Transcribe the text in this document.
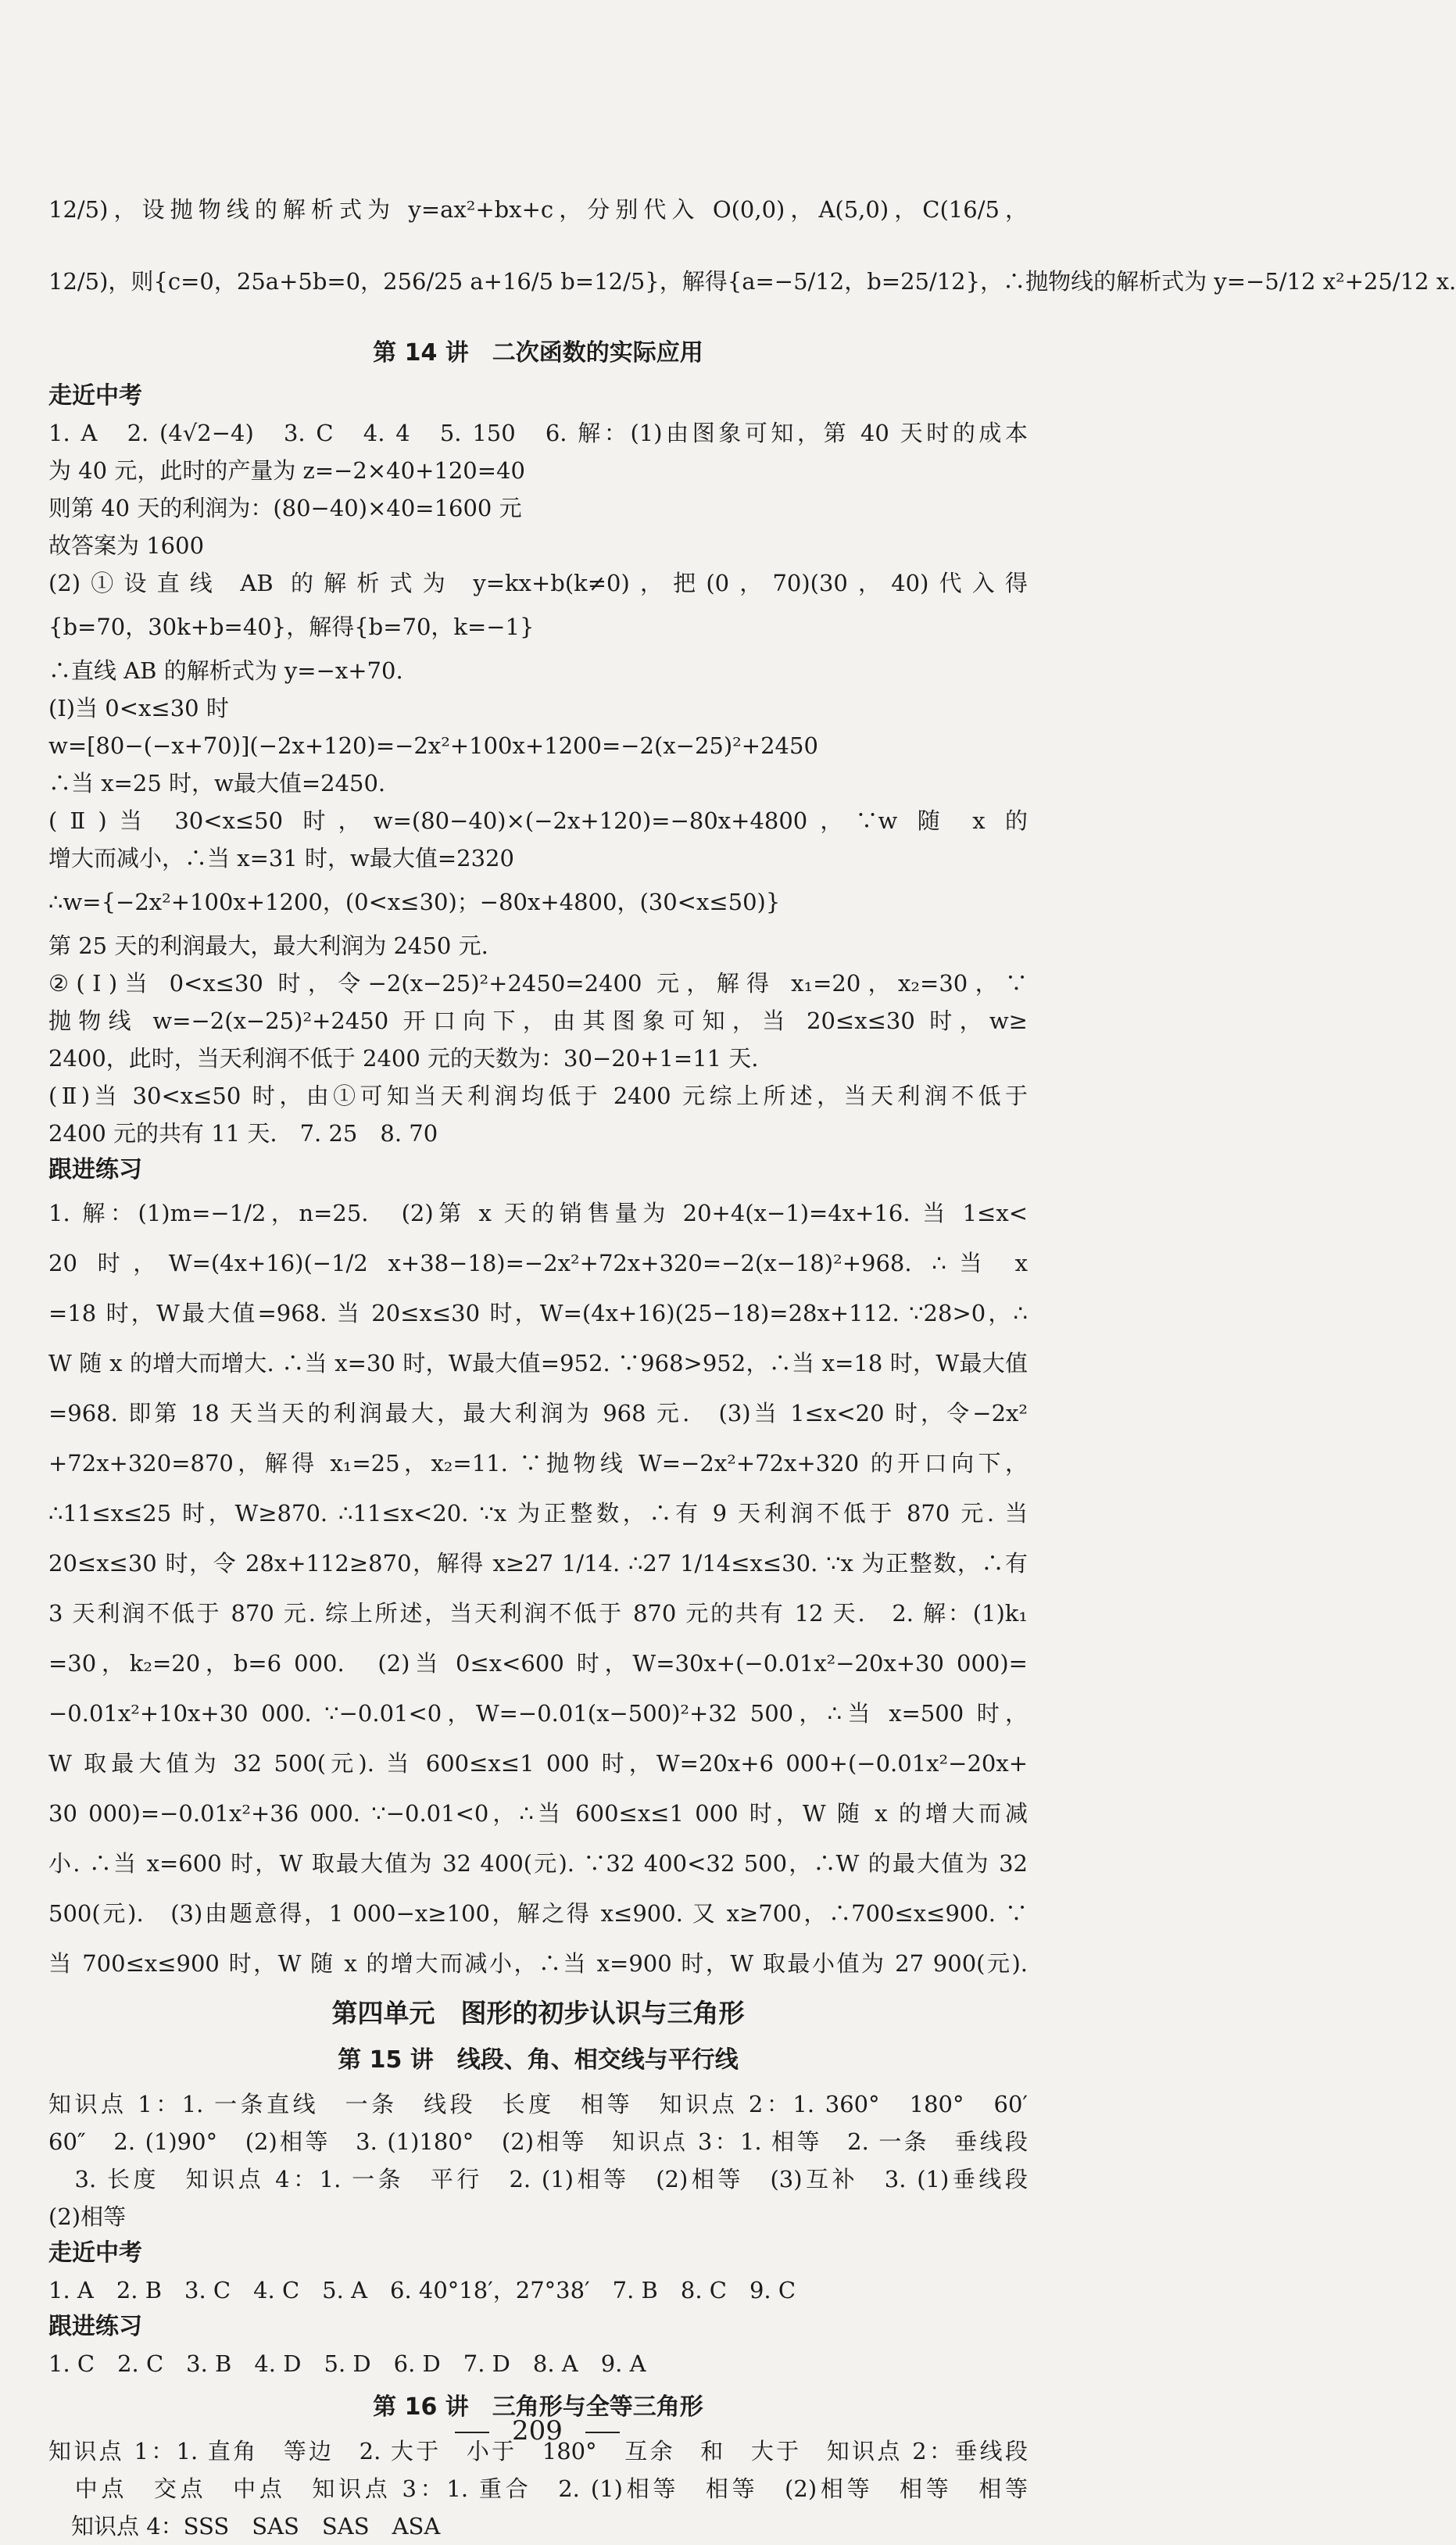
12/5)，设抛物线的解析式为 y=ax²+bx+c，分别代入 O(0,0)，A(5,0)，C(16/5，

12/5)，则{c=0，25a+5b=0，256/25 a+16/5 b=12/5}，解得{a=−5/12，b=25/12}，∴抛物线的解析式为 y=−5/12 x²+25/12 x.

第 14 讲　二次函数的实际应用
走近中考

1. A　2. (4√2−4)　3. C　4. 4　5. 150　6. 解：(1)由图象可知，第 40 天时的成本

为 40 元，此时的产量为 z=−2×40+120=40

则第 40 天的利润为：(80−40)×40=1600 元

故答案为 1600

(2)①设直线 AB 的解析式为 y=kx+b(k≠0)，把(0，70)(30，40)代入得

{b=70，30k+b=40}，解得{b=70，k=−1}

∴直线 AB 的解析式为 y=−x+70.

(Ⅰ)当 0<x≤30 时

w=[80−(−x+70)](−2x+120)=−2x²+100x+1200=−2(x−25)²+2450

∴当 x=25 时，w最大值=2450.

(Ⅱ)当 30<x≤50 时，w=(80−40)×(−2x+120)=−80x+4800，∵w 随 x 的

增大而减小，∴当 x=31 时，w最大值=2320

∴w={−2x²+100x+1200，(0<x≤30)；−80x+4800，(30<x≤50)}

第 25 天的利润最大，最大利润为 2450 元.

②(Ⅰ)当 0<x≤30 时，令−2(x−25)²+2450=2400 元，解得 x₁=20，x₂=30，∵

抛物线 w=−2(x−25)²+2450 开口向下，由其图象可知，当 20≤x≤30 时，w≥

2400，此时，当天利润不低于 2400 元的天数为：30−20+1=11 天.

(Ⅱ)当 30<x≤50 时，由①可知当天利润均低于 2400 元综上所述，当天利润不低于

2400 元的共有 11 天.　7. 25　8. 70

跟进练习

1. 解：(1)m=−1/2，n=25.　(2)第 x 天的销售量为 20+4(x−1)=4x+16. 当 1≤x<

20 时，W=(4x+16)(−1/2 x+38−18)=−2x²+72x+320=−2(x−18)²+968. ∴当 x

=18 时，W最大值=968. 当 20≤x≤30 时，W=(4x+16)(25−18)=28x+112. ∵28>0，∴

W 随 x 的增大而增大. ∴当 x=30 时，W最大值=952. ∵968>952，∴当 x=18 时，W最大值

=968. 即第 18 天当天的利润最大，最大利润为 968 元.　(3)当 1≤x<20 时，令−2x²

+72x+320=870，解得 x₁=25，x₂=11. ∵抛物线 W=−2x²+72x+320 的开口向下，

∴11≤x≤25 时，W≥870. ∴11≤x<20. ∵x 为正整数，∴有 9 天利润不低于 870 元. 当

20≤x≤30 时，令 28x+112≥870，解得 x≥27 1/14. ∴27 1/14≤x≤30. ∵x 为正整数，∴有

3 天利润不低于 870 元. 综上所述，当天利润不低于 870 元的共有 12 天.　2. 解：(1)k₁

=30，k₂=20，b=6 000.　(2)当 0≤x<600 时，W=30x+(−0.01x²−20x+30 000)=

−0.01x²+10x+30 000. ∵−0.01<0，W=−0.01(x−500)²+32 500，∴当 x=500 时，

W 取最大值为 32 500(元). 当 600≤x≤1 000 时，W=20x+6 000+(−0.01x²−20x+

30 000)=−0.01x²+36 000. ∵−0.01<0，∴当 600≤x≤1 000 时，W 随 x 的增大而减

小. ∴当 x=600 时，W 取最大值为 32 400(元). ∵32 400<32 500，∴W 的最大值为 32

500(元).　(3)由题意得，1 000−x≥100，解之得 x≤900. 又 x≥700，∴700≤x≤900. ∵

当 700≤x≤900 时，W 随 x 的增大而减小，∴当 x=900 时，W 取最小值为 27 900(元).

第四单元　图形的初步认识与三角形
第 15 讲　线段、角、相交线与平行线

知识点 1：1. 一条直线　一条　线段　长度　相等　知识点 2：1. 360°　180°　60′

60″　2. (1)90°　(2)相等　3. (1)180°　(2)相等　知识点 3：1. 相等　2. 一条　垂线段

　3. 长度　知识点 4：1. 一条　平行　2. (1)相等　(2)相等　(3)互补　3. (1)垂线段

(2)相等

走近中考

1. A　2. B　3. C　4. C　5. A　6. 40°18′，27°38′　7. B　8. C　9. C

跟进练习

1. C　2. C　3. B　4. D　5. D　6. D　7. D　8. A　9. A

第 16 讲　三角形与全等三角形

知识点 1：1. 直角　等边　2. 大于　小于　180°　互余　和　大于　知识点 2：垂线段

　中点　交点　中点　知识点 3：1. 重合　2. (1)相等　相等　(2)相等　相等　相等

　知识点 4：SSS　SAS　SAS　ASA

209
